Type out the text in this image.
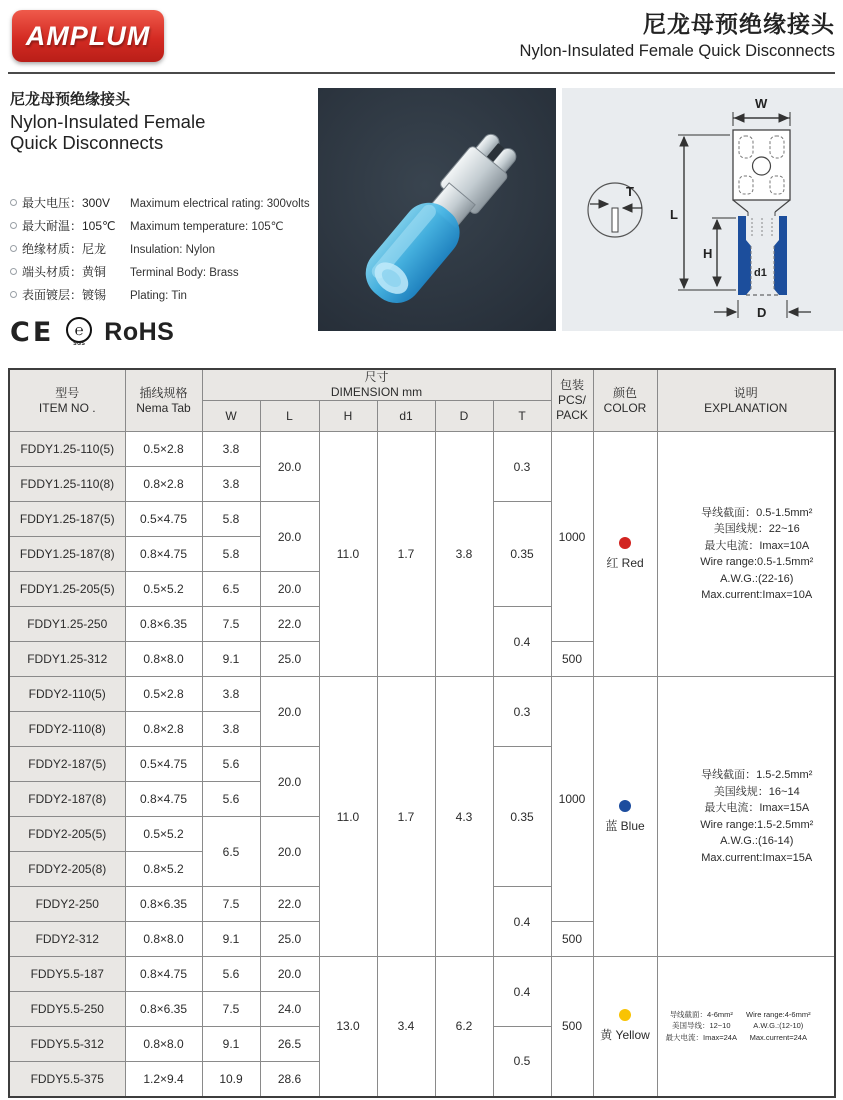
AMPLUM	尼龙母预绝缘接头
Nylon-Insulated Female Quick Disconnects
尼龙母预绝缘接头
Nylon-Insulated Female
Quick Disconnects
最大电压：300V	Maximum electrical rating: 300volts
最大耐温：105℃	Maximum temperature: 105℃
绝缘材质：尼龙	Insulation: Nylon
端头材质：黄铜	Terminal Body: Brass
表面镀层：镀锡	Plating: Tin
CE	℮
SGS RoHS
T
W
L
H
d1
D
型号
ITEM NO .

插线规格
Nema Tab

尺寸
DIMENSION mm	包装
PCS/
PACK

颜色
COLOR

说明
EXPLANATION

		W	L	H	d1	D	T			
FDDY1.25-110(5)	0.5×2.8	3.8	20.0	11.0	1.7	3.8	0.3	1000	
红 Red

导线截面：0.5-1.5mm²
美国线规：22~16
最大电流：Imax=10A
Wire range:0.5-1.5mm²
A.W.G.:(22-16)
Max.current:Imax=10A

FDDY1.25-110(8)	0.8×2.8	3.8								
FDDY1.25-187(5)	0.5×4.75	5.8	20.0				0.35			
FDDY1.25-187(8)	0.8×4.75	5.8								
FDDY1.25-205(5)	0.5×5.2	6.5	20.0							
FDDY1.25-250	0.8×6.35	7.5	22.0				0.4			
FDDY1.25-312	0.8×8.0	9.1	25.0					500		
FDDY2-110(5)	0.5×2.8	3.8	20.0	11.0	1.7	4.3	0.3	1000	
蓝 Blue

导线截面：1.5-2.5mm²
美国线规：16~14
最大电流：Imax=15A
Wire range:1.5-2.5mm²
A.W.G.:(16-14)
Max.current:Imax=15A

FDDY2-110(8)	0.8×2.8	3.8								
FDDY2-187(5)	0.5×4.75	5.6	20.0				0.35			
FDDY2-187(8)	0.8×4.75	5.6								
FDDY2-205(5)	0.5×5.2	6.5	20.0							
FDDY2-205(8)	0.8×5.2									
FDDY2-250	0.8×6.35	7.5	22.0				0.4			
FDDY2-312	0.8×8.0	9.1	25.0					500		
FDDY5.5-187	0.8×4.75	5.6	20.0	13.0	3.4	6.2	0.4	500	
黄 Yellow

导线截面：4-6mm²
美国导线：12~10
最大电流：Imax=24A
Wire range:4-6mm²
A.W.G.:(12-10)
Max.current=24A

FDDY5.5-250	0.8×6.35	7.5	24.0							
FDDY5.5-312	0.8×8.0	9.1	26.5				0.5			
FDDY5.5-375	1.2×9.4	10.9	28.6							
